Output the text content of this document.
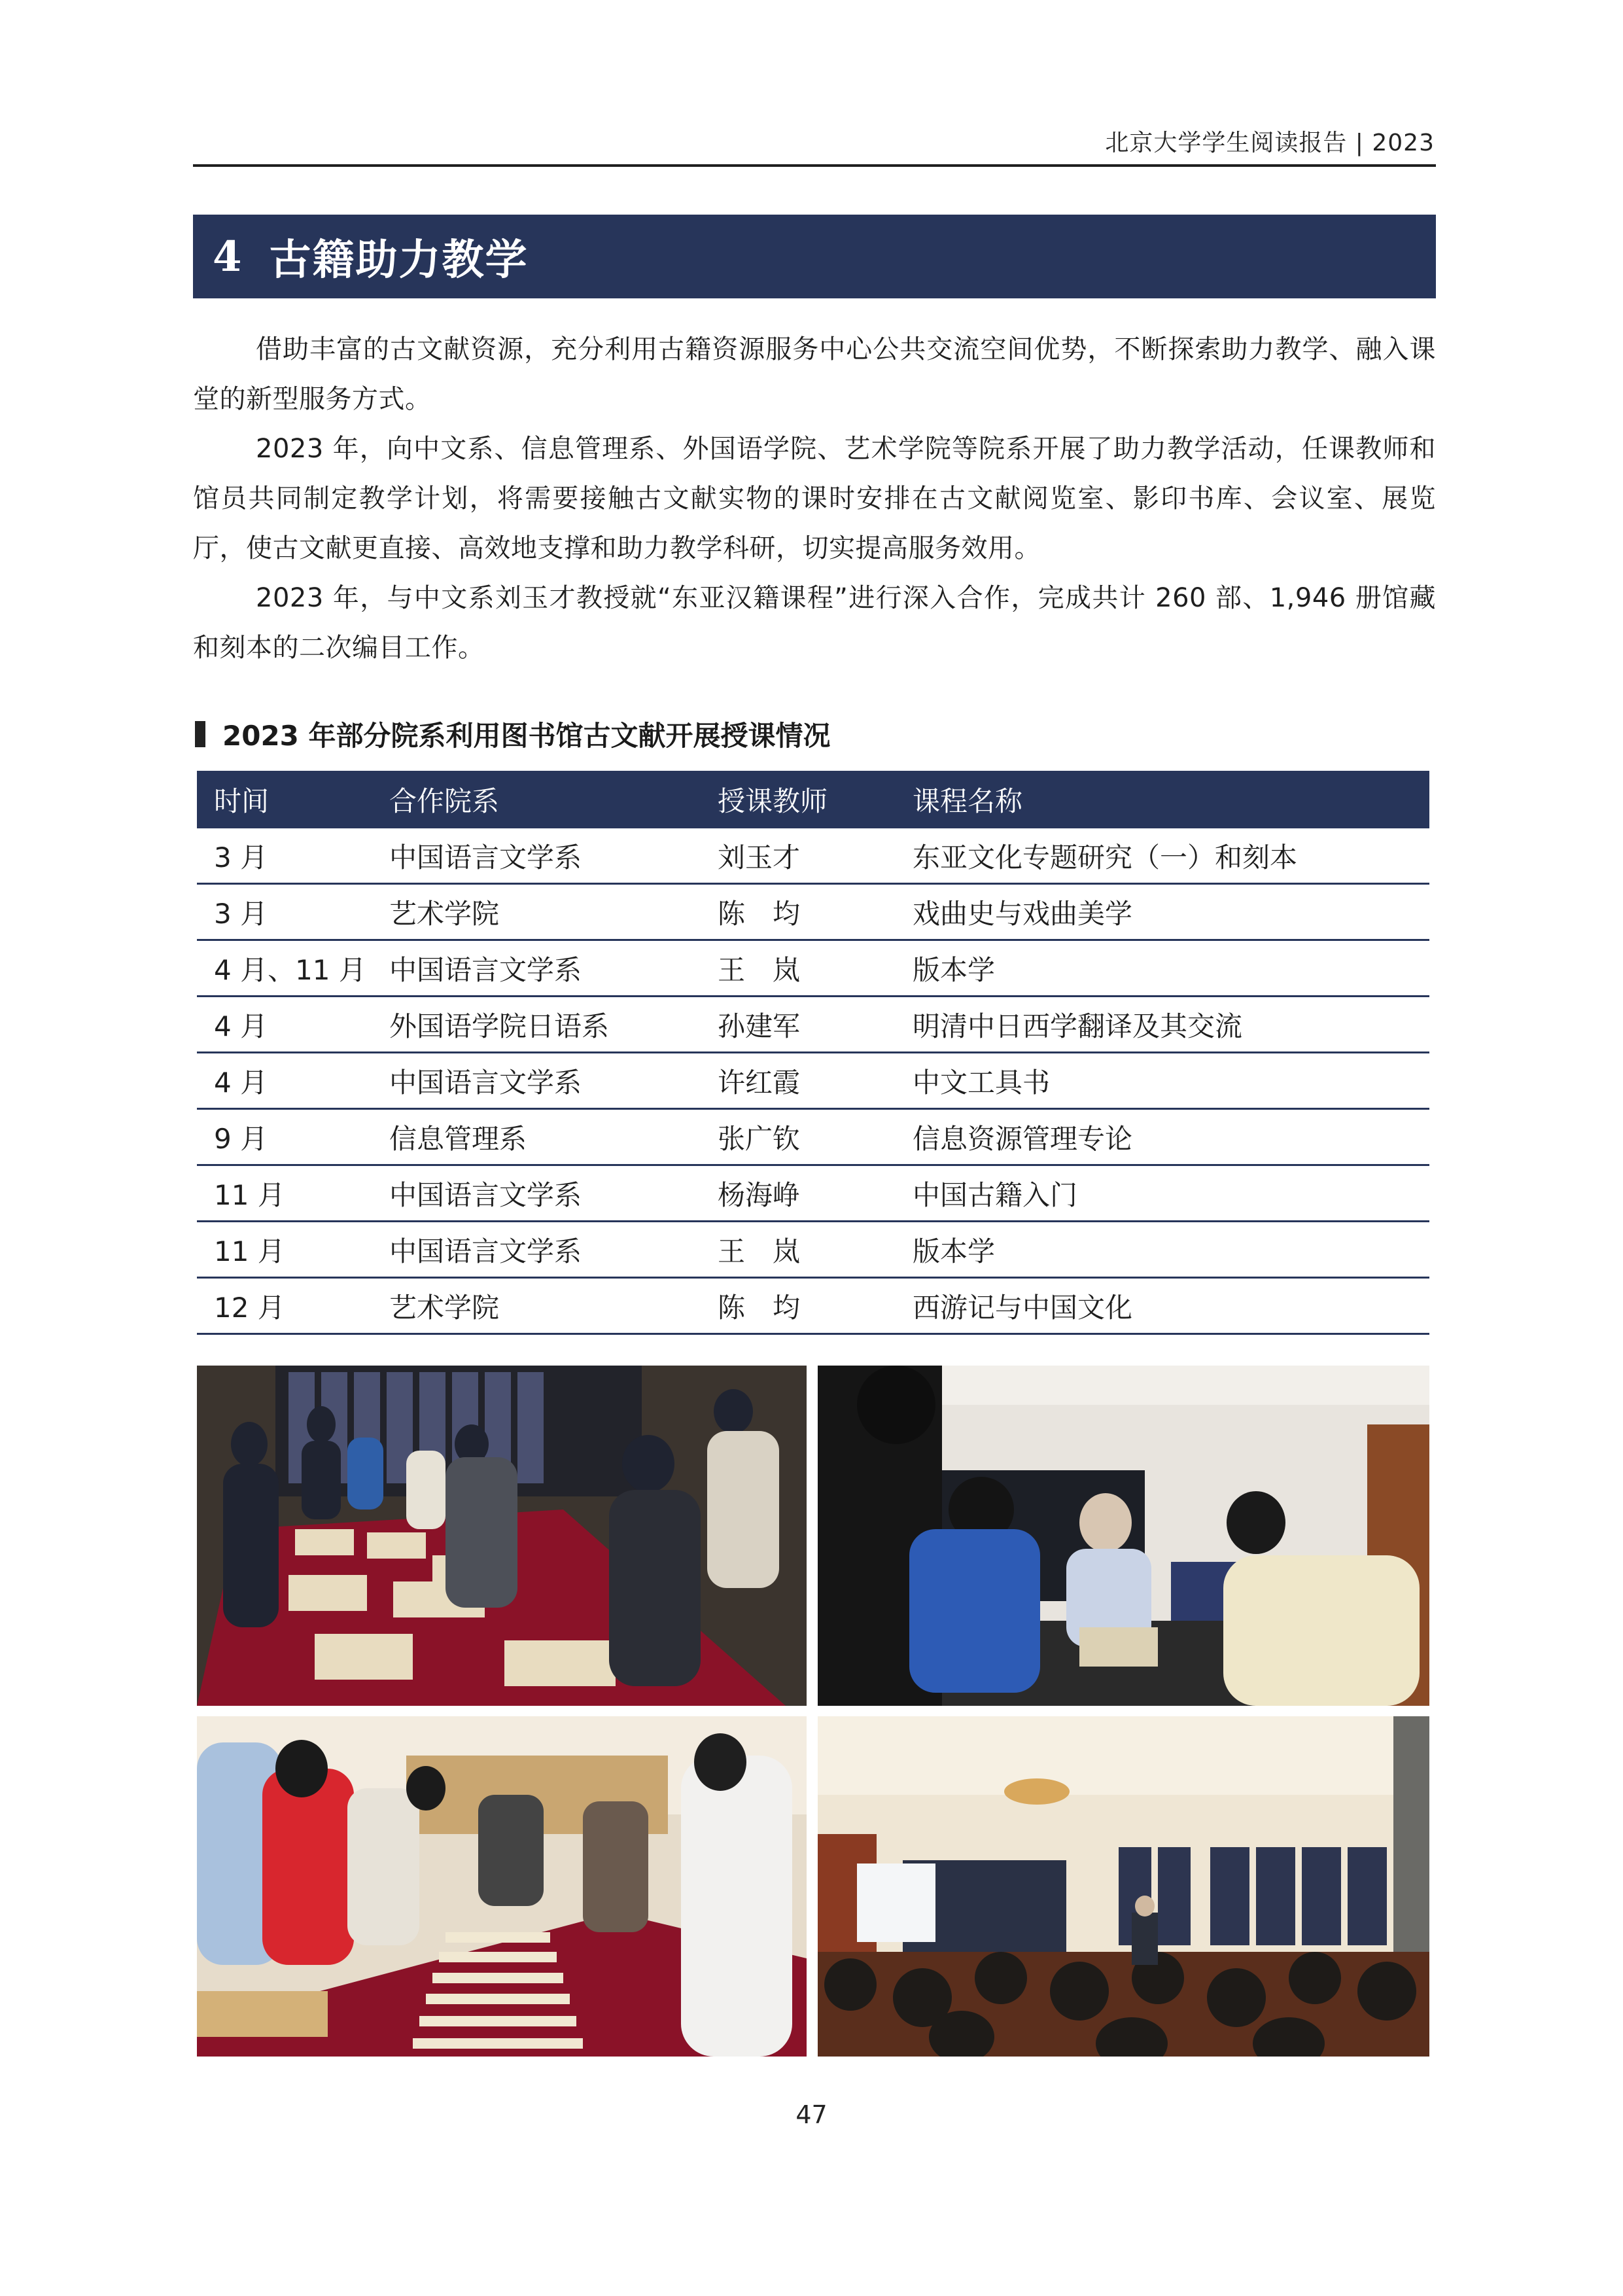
北京大学学生阅读报告 | 2023
4 古籍助力教学

借助丰富的古文献资源，充分利用古籍资源服务中心公共交流空间优势，不断探索助力教学、融入课堂的新型服务方式。

2023 年，向中文系、信息管理系、外国语学院、艺术学院等院系开展了助力教学活动，任课教师和馆员共同制定教学计划，将需要接触古文献实物的课时安排在古文献阅览室、影印书库、会议室、展览厅，使古文献更直接、高效地支撑和助力教学科研，切实提高服务效用。

2023 年，与中文系刘玉才教授就“东亚汉籍课程”进行深入合作，完成共计 260 部、1,946 册馆藏和刻本的二次编目工作。

2023 年部分院系利用图书馆古文献开展授课情况
时间	合作院系	授课教师	课程名称
3 月	中国语言文学系	刘玉才	东亚文化专题研究（一）和刻本
3 月	艺术学院	陈　均	戏曲史与戏曲美学
4 月、11 月	中国语言文学系	王　岚	版本学
4 月	外国语学院日语系	孙建军	明清中日西学翻译及其交流
4 月	中国语言文学系	许红霞	中文工具书
9 月	信息管理系	张广钦	信息资源管理专论
11 月	中国语言文学系	杨海峥	中国古籍入门
11 月	中国语言文学系	王　岚	版本学
12 月	艺术学院	陈　均	西游记与中国文化
47
